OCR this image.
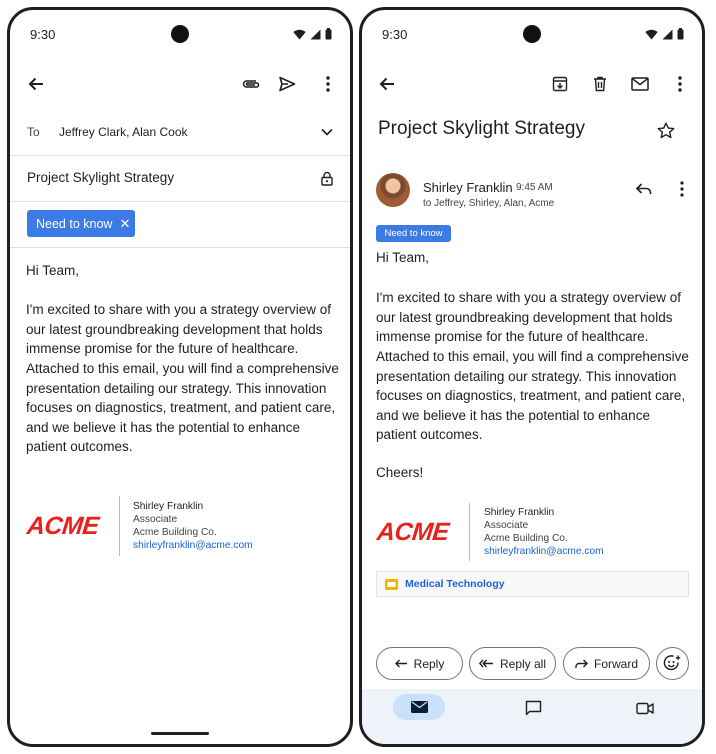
9:30
To Jeffrey Clark, Alan Cook
Project Skylight Strategy
Need to know ✕

Hi Team,

I'm excited to share with you a strategy overview of

our latest groundbreaking development that holds

immense promise for the future of healthcare.

Attached to this email, you will find a comprehensive

presentation detailing our strategy. This innovation

focuses on diagnostics, treatment, and patient care,

and we believe it has the potential to enhance

patient outcomes.

ACME
Shirley Franklin
Associate
Acme Building Co.
shirleyfranklin@acme.com
9:30
Project Skylight Strategy
Shirley Franklin 9:45 AM
to Jeffrey, Shirley, Alan, Acme
Need to know

Hi Team,

I'm excited to share with you a strategy overview of

our latest groundbreaking development that holds

immense promise for the future of healthcare.

Attached to this email, you will find a comprehensive

presentation detailing our strategy. This innovation

focuses on diagnostics, treatment, and patient care,

and we believe it has the potential to enhance

patient outcomes.

Cheers!

ACME
Shirley Franklin
Associate
Acme Building Co.
shirleyfranklin@acme.com
Medical Technology
Reply	Reply all	Forward
